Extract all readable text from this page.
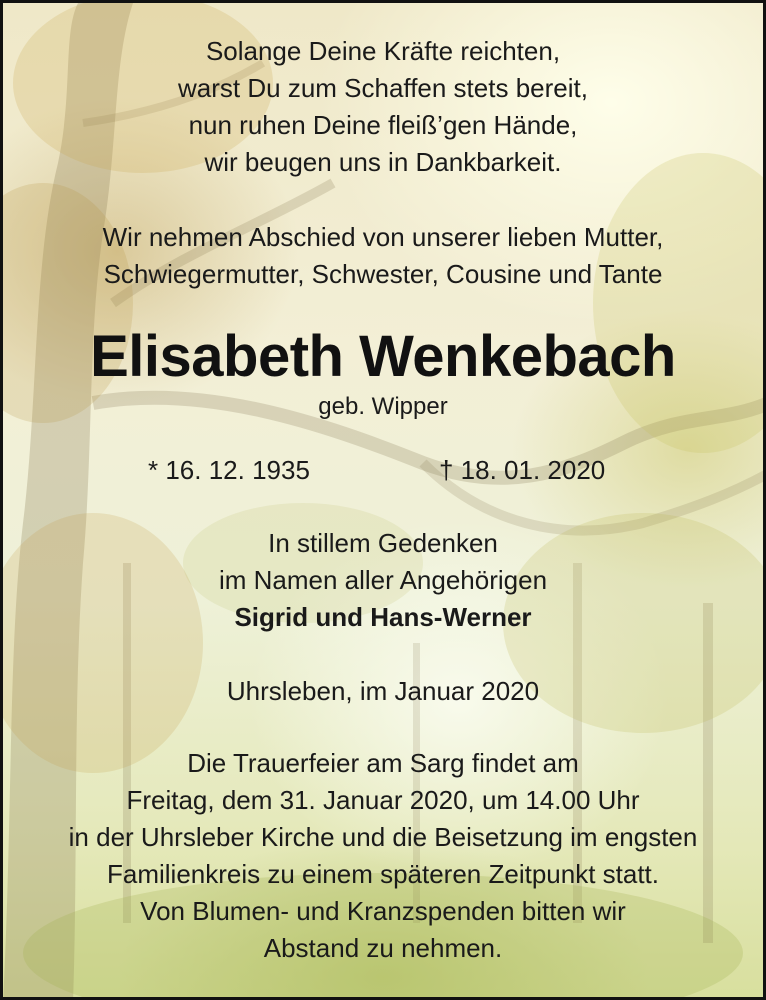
Solange Deine Kräfte reichten,
warst Du zum Schaffen stets bereit,
nun ruhen Deine fleiß’gen Hände,
wir beugen uns in Dankbarkeit.
Wir nehmen Abschied von unserer lieben Mutter,
Schwiegermutter, Schwester, Cousine und Tante
Elisabeth Wenkebach
geb. Wipper
* 16. 12. 1935	† 18. 01. 2020
In stillem Gedenken
im Namen aller Angehörigen
Sigrid und Hans-Werner
Uhrsleben, im Januar 2020
Die Trauerfeier am Sarg findet am
Freitag, dem 31. Januar 2020, um 14.00 Uhr
in der Uhrsleber Kirche und die Beisetzung im engsten
Familienkreis zu einem späteren Zeitpunkt statt.
Von Blumen- und Kranzspenden bitten wir
Abstand zu nehmen.
